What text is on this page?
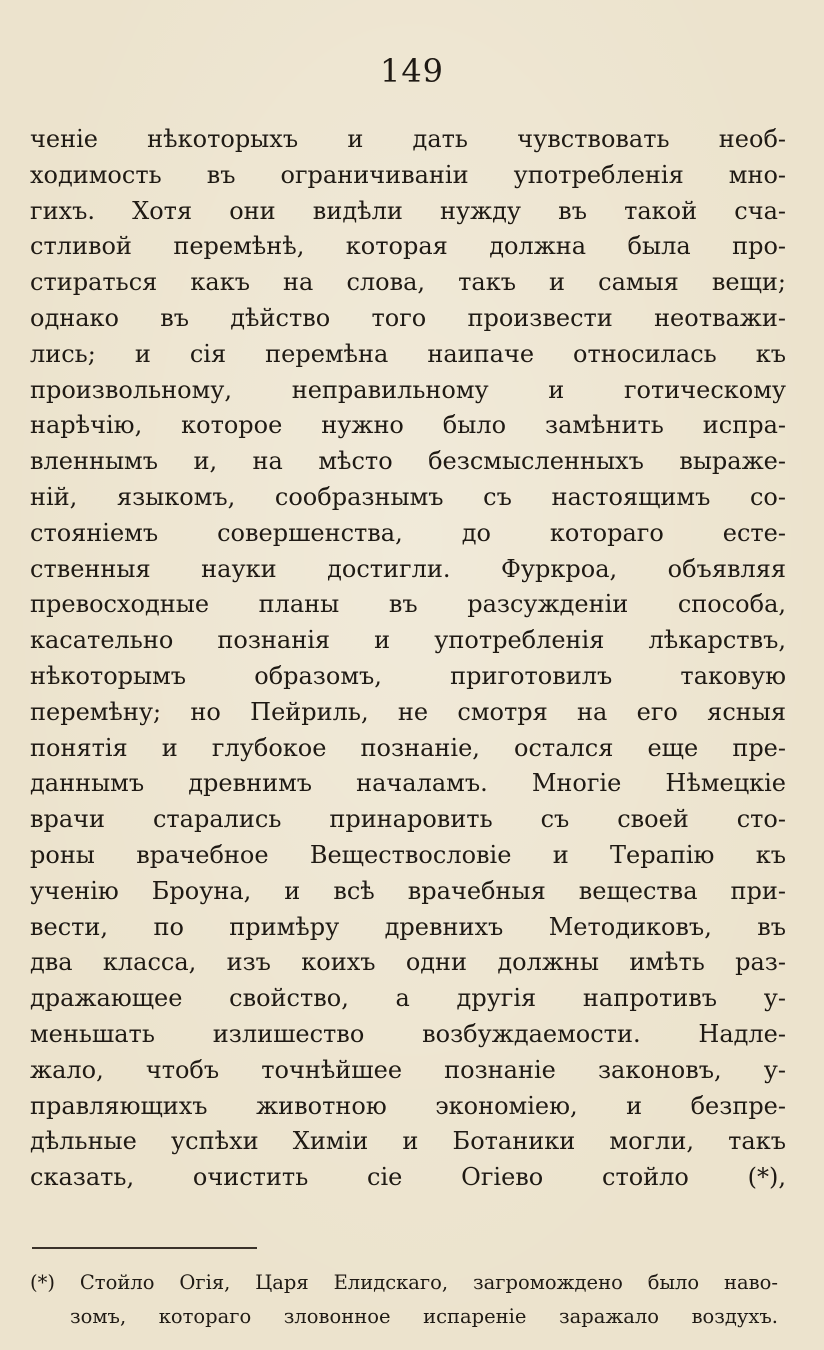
149
ченіе нѣкоторыхъ и дать чувствовать необ-
ходимость въ ограничиваніи употребленія мно-
гихъ. Хотя они видѣли нужду въ такой сча-
стливой перемѣнѣ, которая должна была про-
стираться какъ на слова, такъ и самыя вещи;
однако въ дѣйство того произвести неотважи-
лись; и сія перемѣна наипаче относилась къ
произвольному, неправильному и готическому
нарѣчію, которое нужно было замѣнить испра-
вленнымъ и, на мѣсто безсмысленныхъ выраже-
ній, языкомъ, сообразнымъ съ настоящимъ со-
стояніемъ совершенства, до котораго есте-
ственныя науки достигли. Фуркроа, объявляя
превосходные планы въ разсужденіи способа,
касательно познанія и употребленія лѣкарствъ,
нѣкоторымъ образомъ, приготовилъ таковую
перемѣну; но Пейриль, не смотря на его ясныя
понятія и глубокое познаніе, остался еще пре-
даннымъ древнимъ началамъ. Многіе Нѣмецкіе
врачи старались принаровить съ своей сто-
роны врачебное Веществословіе и Терапію къ
ученію Броуна, и всѣ врачебныя вещества при-
вести, по примѣру древнихъ Методиковъ, въ
два класса, изъ коихъ одни должны имѣть раз-
дражающее свойство, а другія напротивъ у-
меньшать излишество возбуждаемости. Надле-
жало, чтобъ точнѣйшее познаніе законовъ, у-
правляющихъ животною экономіею, и безпре-
дѣльные успѣхи Химіи и Ботаники могли, такъ
сказать, очистить сіе Огіево стойло (*),
(*) Стойло Огія, Царя Елидскаго, загромождено было наво-
зомъ, котораго зловонное испареніе заражало воздухъ.
